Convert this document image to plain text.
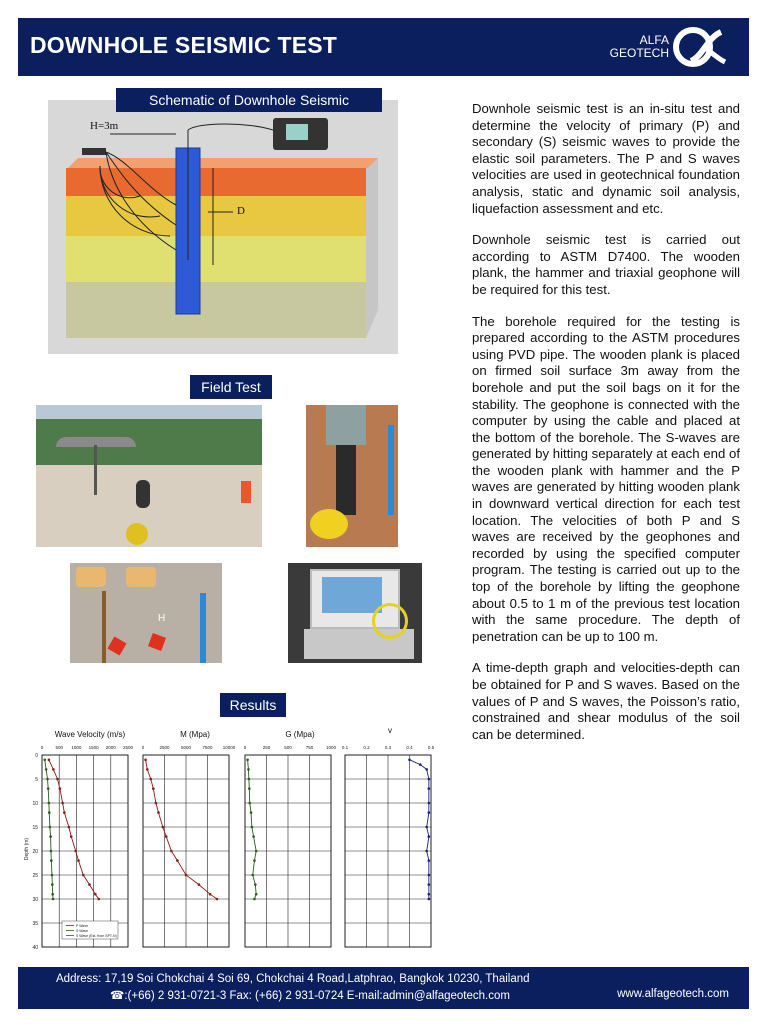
DOWNHOLE SEISMIC TEST	ALFA
GEOTECH
H=3m
D
Schematic of Downhole Seismic
Field Test
H
Results
Wave Velocity (m/s)	M (Mpa)	G (Mpa)	v
0
5
10
15
20
25
30
35
40
Depth (m)
0	500 1000 1500 2000 2500 0	2500	5000	7500 10000 0	250	500	750	1000 0.1	0.2	0.3	0.4	0.5
P Wave
S Wave
S Wave (Est. from SPT-N)

Downhole seismic test is an in-situ test and determine the velocity of primary (P) and secondary (S) seismic waves to provide the elastic soil parameters. The P and S waves velocities are used in geotechnical foundation analysis, static and dynamic soil analysis, liquefaction assessment and etc.

Downhole seismic test is carried out according to ASTM D7400. The wooden plank, the hammer and triaxial geophone will be required for this test.

The borehole required for the testing is prepared according to the ASTM procedures using PVD pipe. The wooden plank is placed on firmed soil surface 3m away from the borehole and put the soil bags on it for the stability. The geophone is connected with the computer by using the cable and placed at the bottom of the borehole. The S-waves are generated by hitting separately at each end of the wooden plank with hammer and the P waves are generated by hitting wooden plank in downward vertical direction for each test location. The velocities of both P and S waves are received by the geophones and recorded by using the specified computer program. The testing is carried out up to the top of the borehole by lifting the geophone about 0.5 to 1 m of the previous test location with the same procedure. The depth of penetration can be up to 100 m.

A time-depth graph and velocities-depth can be obtained for P and S waves. Based on the values of P and S waves, the Poisson’s ratio, constrained and shear modulus of the soil can be determined.

Address: 17,19 Soi Chokchai 4 Soi 69, Chokchai 4 Road,Latphrao, Bangkok 10230, Thailand
☎:(+66) 2 931-0721-3 Fax: (+66) 2 931-0724 E-mail:admin@alfageotech.com	www.alfageotech.com
